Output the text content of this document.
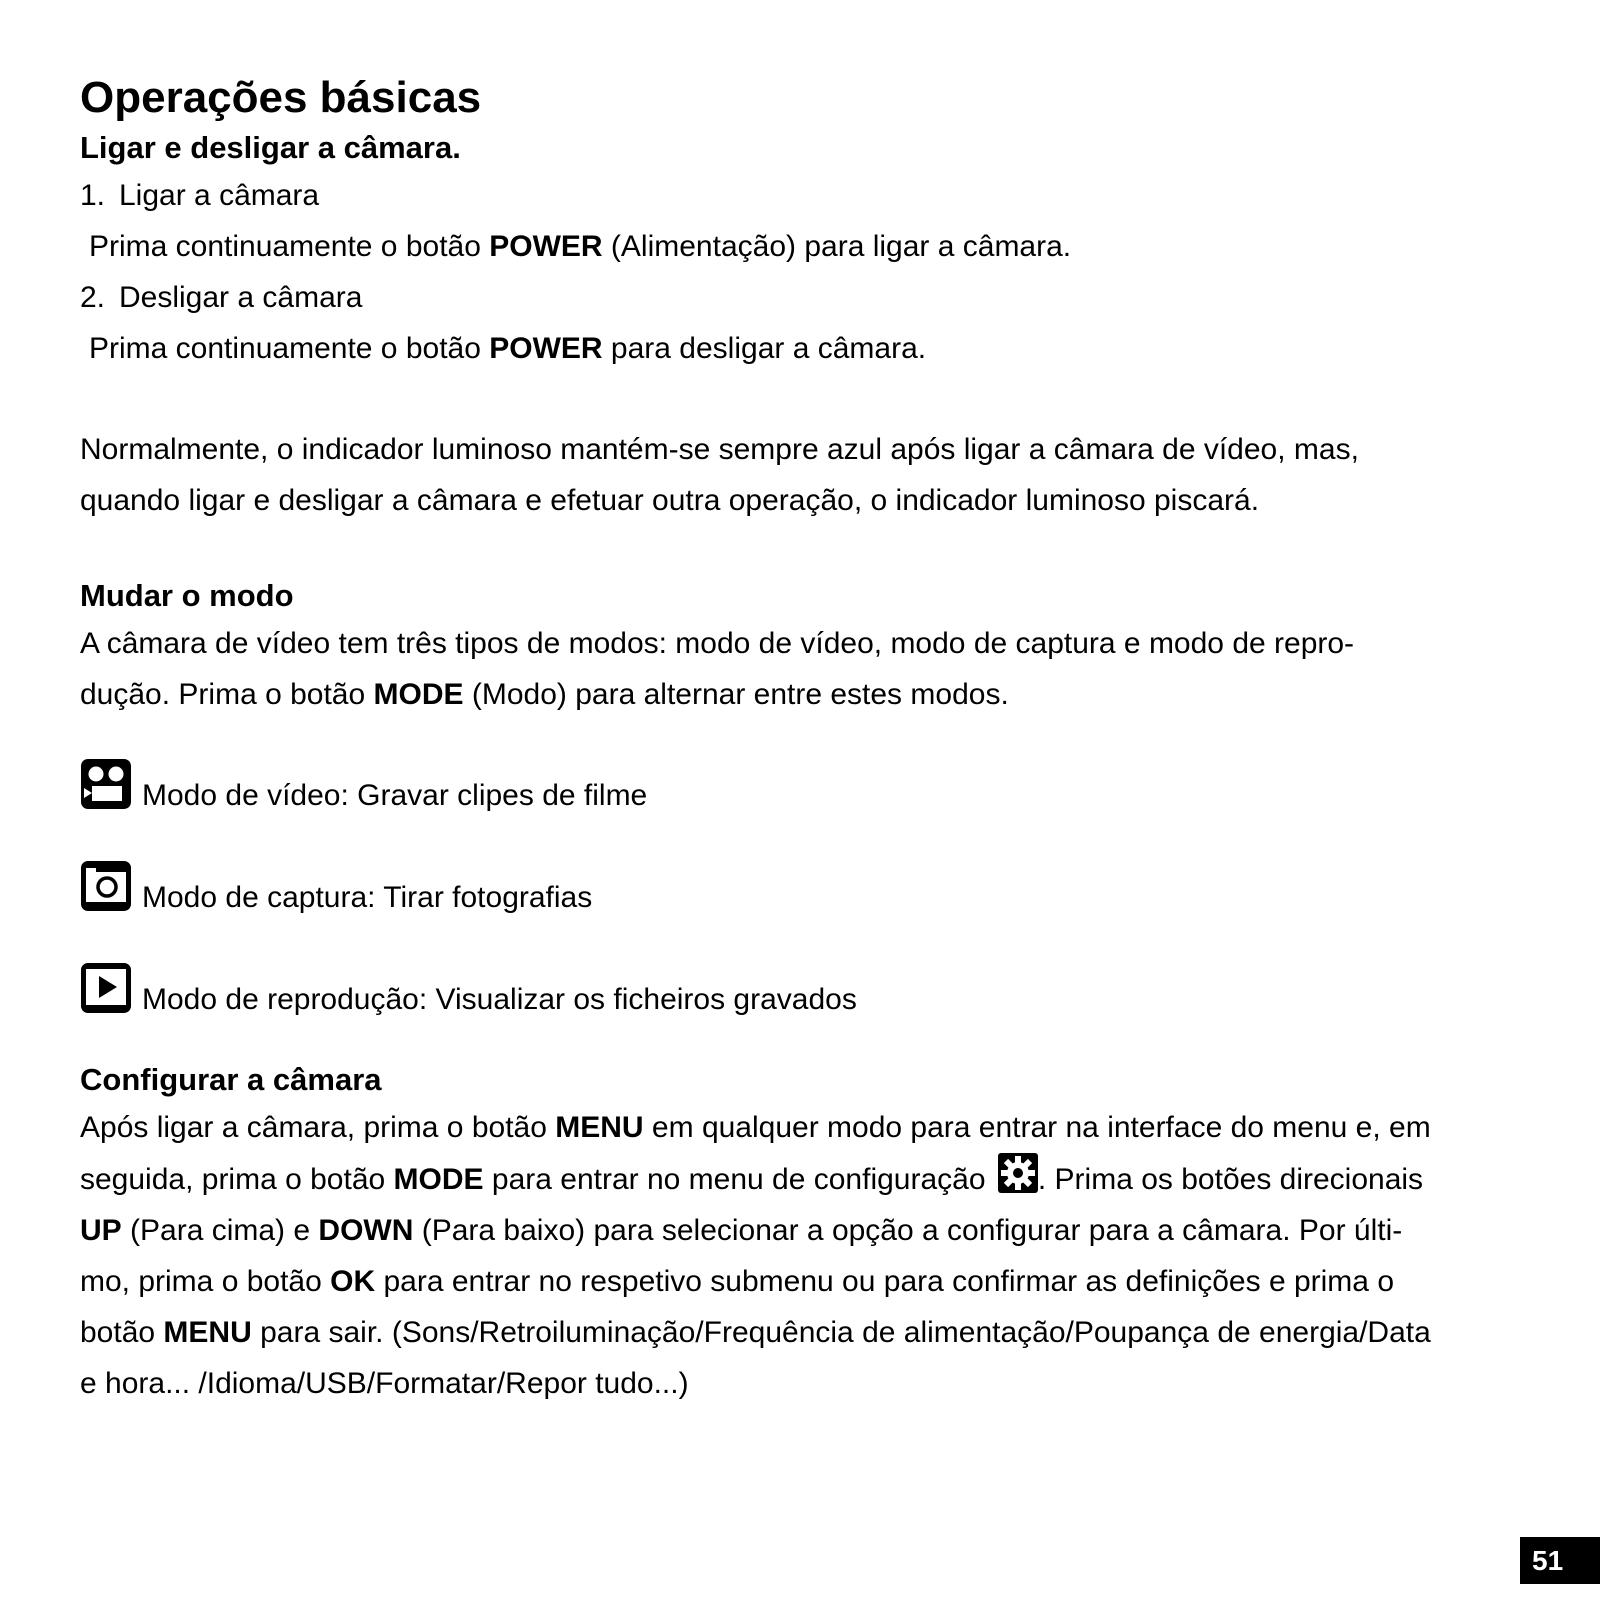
Operações básicas
Ligar e desligar a câmara.

1. Ligar a câmara

Prima continuamente o botão POWER (Alimentação) para ligar a câmara.

2. Desligar a câmara

Prima continuamente o botão POWER para desligar a câmara.

Normalmente, o indicador luminoso mantém-se sempre azul após ligar a câmara de vídeo, mas,

quando ligar e desligar a câmara e efetuar outra operação, o indicador luminoso piscará.

Mudar o modo

A câmara de vídeo tem três tipos de modos: modo de vídeo, modo de captura e modo de repro-

dução. Prima o botão MODE (Modo) para alternar entre estes modos.

Modo de vídeo: Gravar clipes de filme
Modo de captura: Tirar fotografias
Modo de reprodução: Visualizar os ficheiros gravados
Configurar a câmara

Após ligar a câmara, prima o botão MENU em qualquer modo para entrar na interface do menu e, em

seguida, prima o botão MODE para entrar no menu de configuração . Prima os botões direcionais

UP (Para cima) e DOWN (Para baixo) para selecionar a opção a configurar para a câmara. Por últi-

mo, prima o botão OK para entrar no respetivo submenu ou para confirmar as definições e prima o

botão MENU para sair. (Sons/Retroiluminação/Frequência de alimentação/Poupança de energia/Data

e hora... /Idioma/USB/Formatar/Repor tudo...)

51
